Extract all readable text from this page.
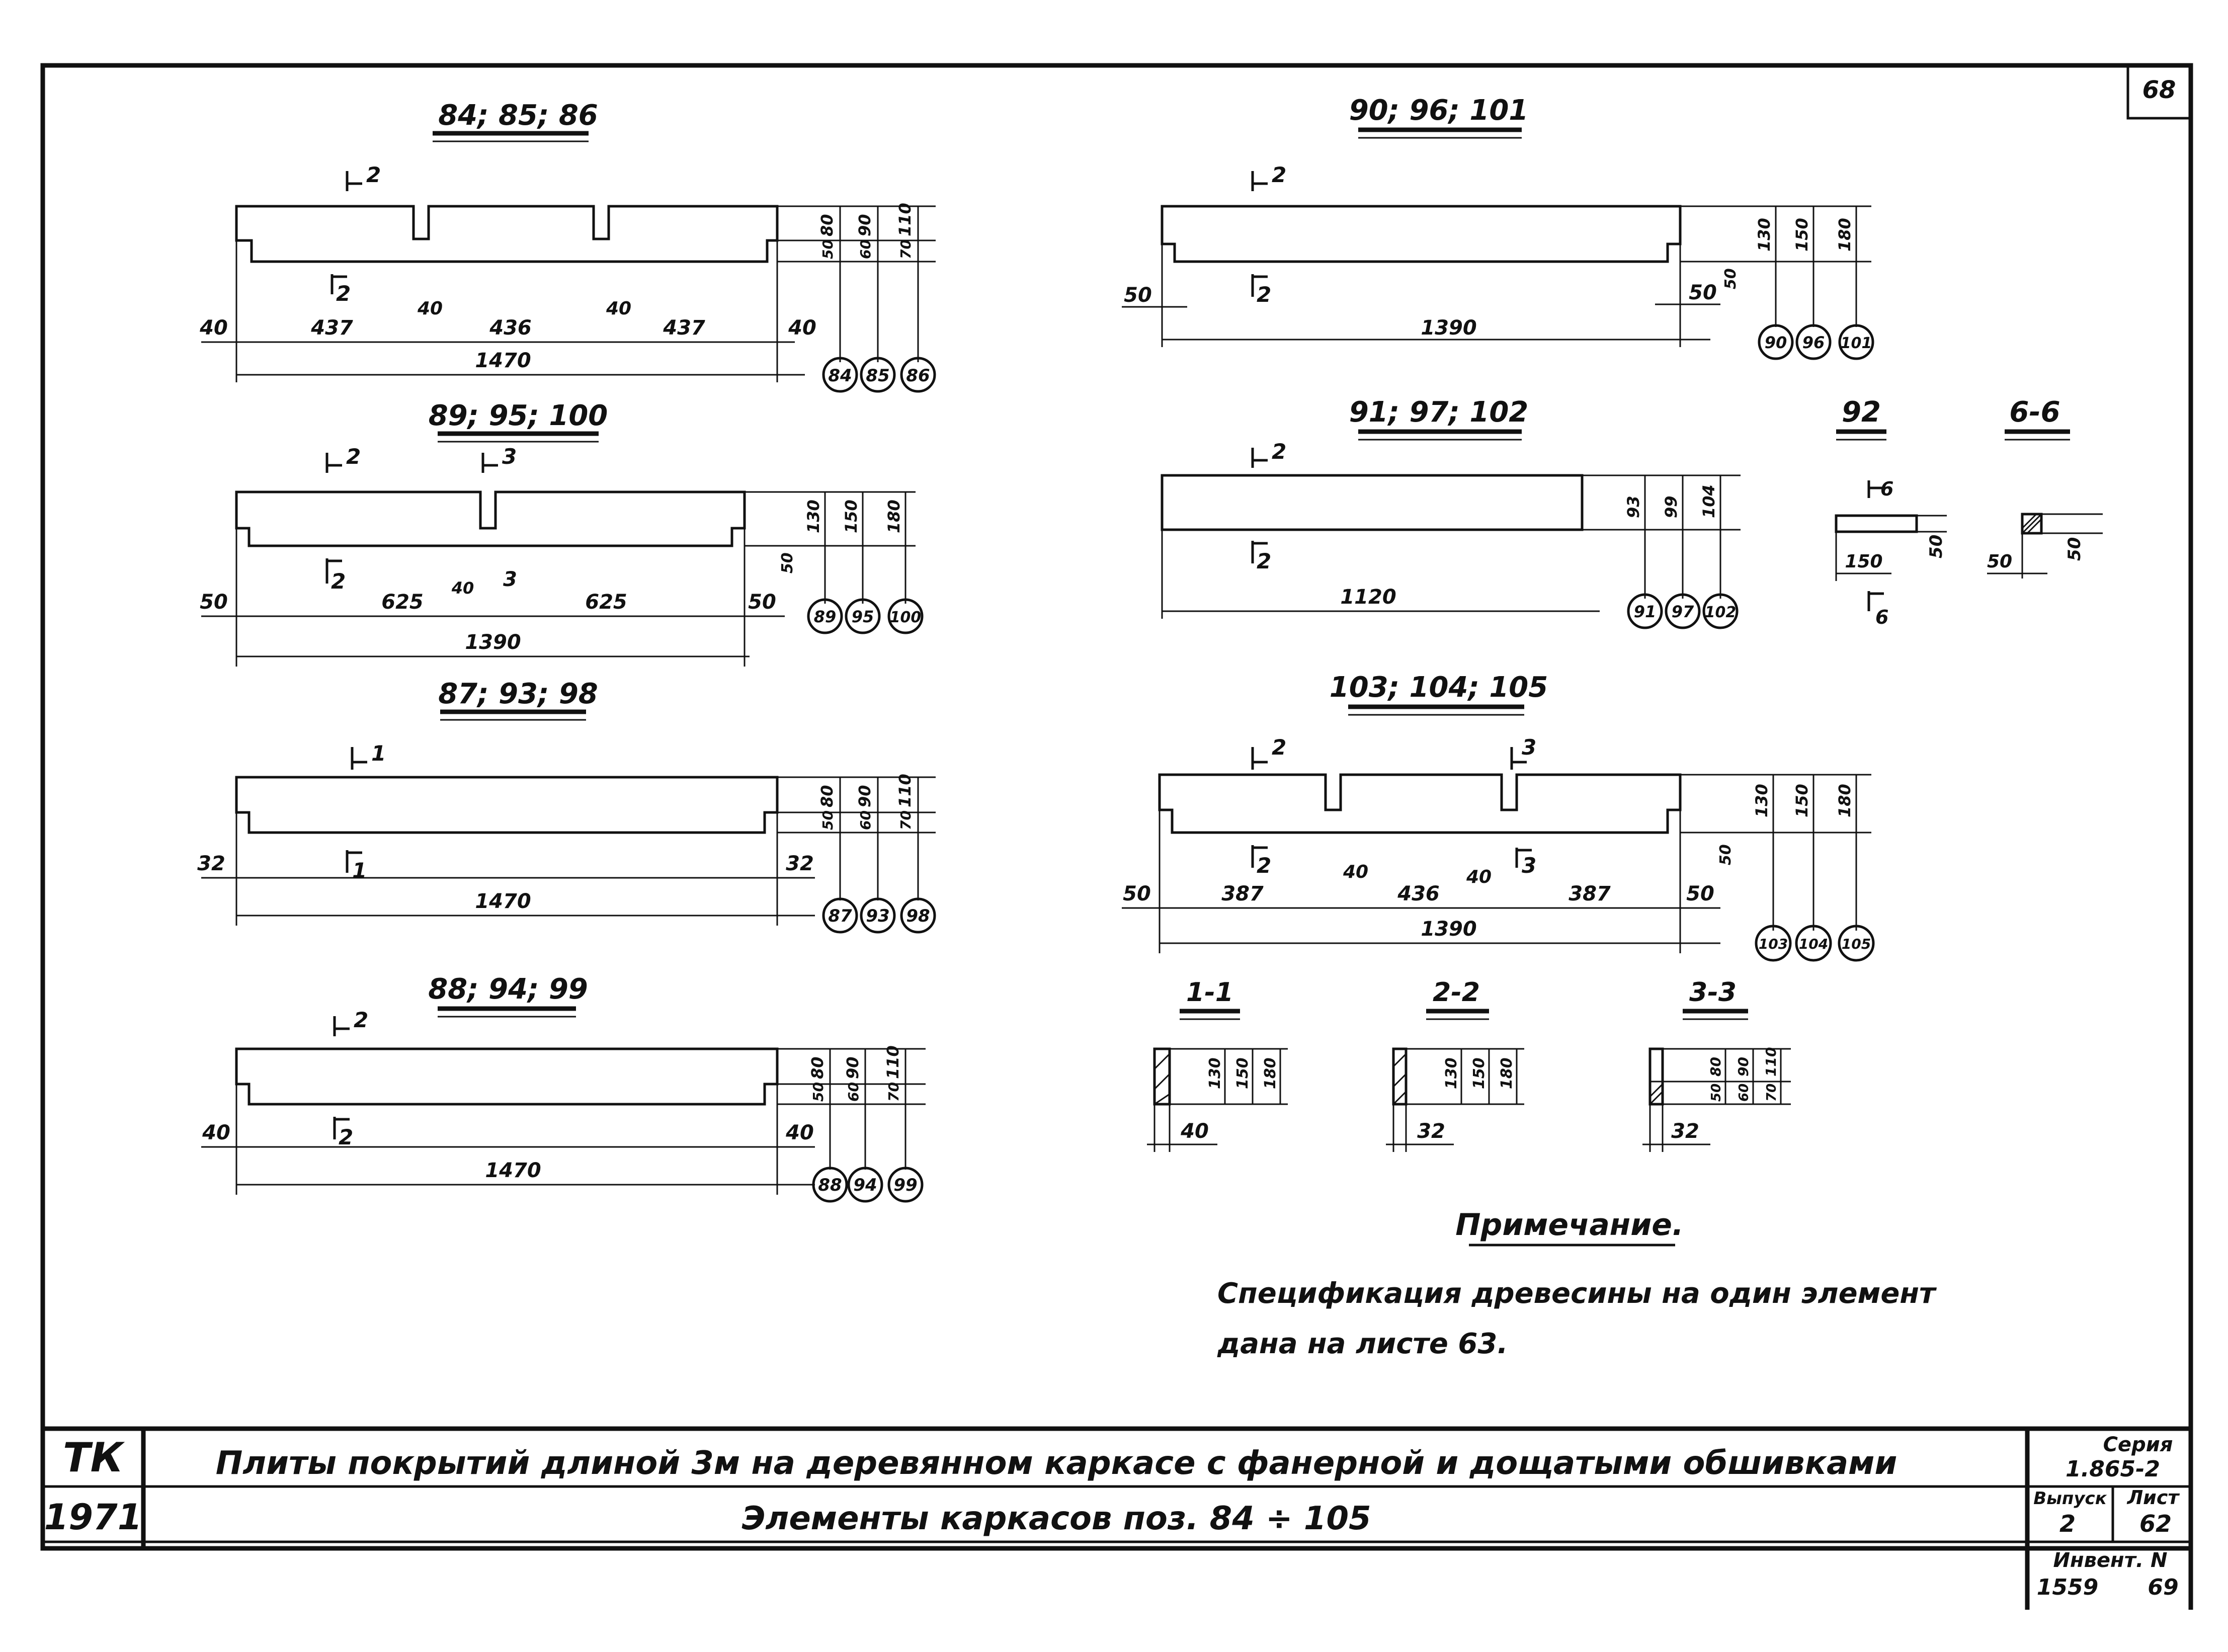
68
84; 85; 86
2
2
40	437
40
436
40
437	40
1470
80 90 110
50 60 70
84 85 86
89; 95; 100
2	3
2
50	625
40 3
625	50
1390
130 150 180
50
89 95 100
87; 93; 98
1
1
32	32
1470
80 90 110
50 60 70
87 93 98
88; 94; 99
2
2
40	40
1470
80 90 110
50 60 70
88 94 99
90; 96; 101
2
2
50	50
1390
130 150 180
50
90 96 101
91; 97; 102
2
2
1120
93 99 104
91 97 102
92
6
150
50
6
6-6
50
50
103; 104; 105
2	3
2	3
50	387
40
436
40
387	50
1390
130 150 180
50
103 104 105
1-1
130 150 180
40
2-2
130 150 180
32
3-3
80 90 110
50 60 70
32
Примечание.
Спецификация древесины на один элемент
дана на листе 63.
ТК
1971
Плиты покрытий длиной 3м на деревянном каркасе с фанерной и дощатыми обшивками
Элементы каркасов поз. 84 ÷ 105
Серия
1.865-2
Выпуск Лист
2	62
Инвент. N
1559 69
